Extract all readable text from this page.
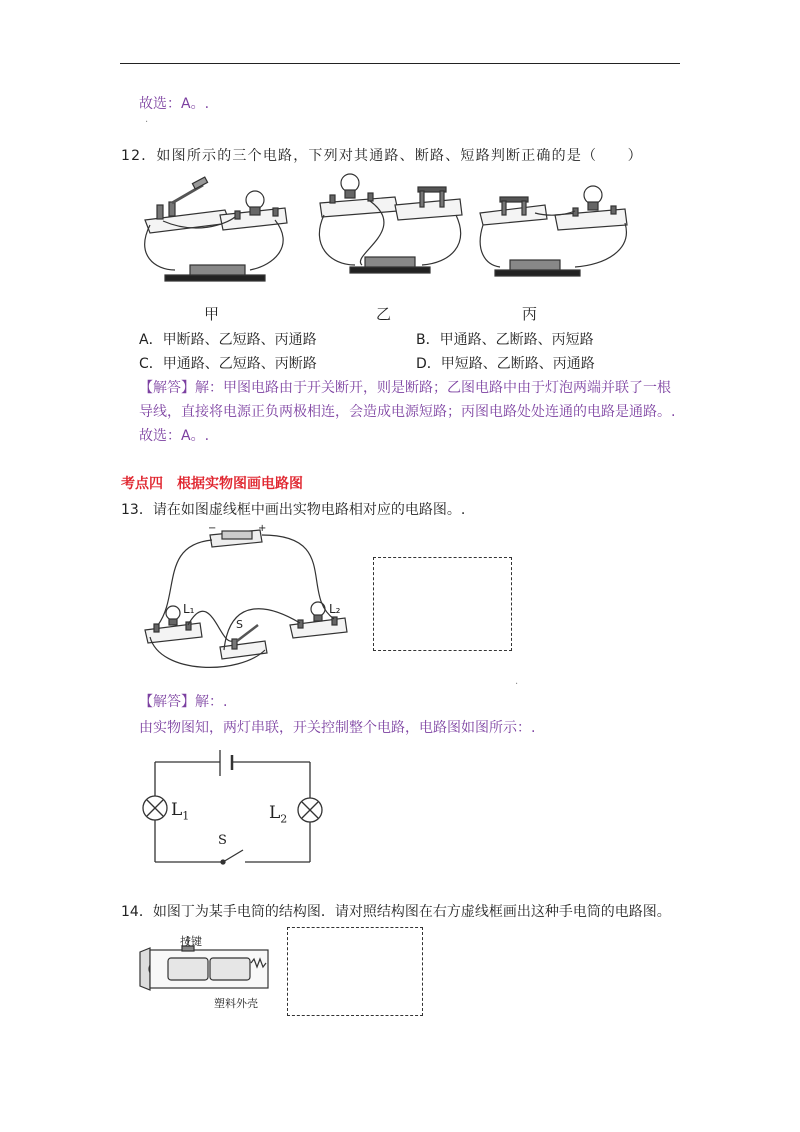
故选：A。.
.
12．如图所示的三个电路，下列对其通路、断路、短路判断正确的是（　　）
甲	乙	丙
A．甲断路、乙短路、丙通路	B．甲通路、乙断路、丙短路
C．甲通路、乙短路、丙断路	D．甲短路、乙断路、丙通路
【解答】解：甲图电路由于开关断开，则是断路；乙图电路中由于灯泡两端并联了一根
导线，直接将电源正负两极相连，会造成电源短路；丙图电路处处连通的电路是通路。.
故选：A。.
考点四　根据实物图画电路图
13．请在如图虚线框中画出实物电路相对应的电路图。.
−	+
L₁	L₂
S
.
【解答】解：.
由实物图知，两灯串联，开关控制整个电路，电路图如图所示：.
$L_1$	$L_2$
S
14．如图丁为某手电筒的结构图．请对照结构图在右方虚线框画出这种手电筒的电路图。
按键
塑料外壳
